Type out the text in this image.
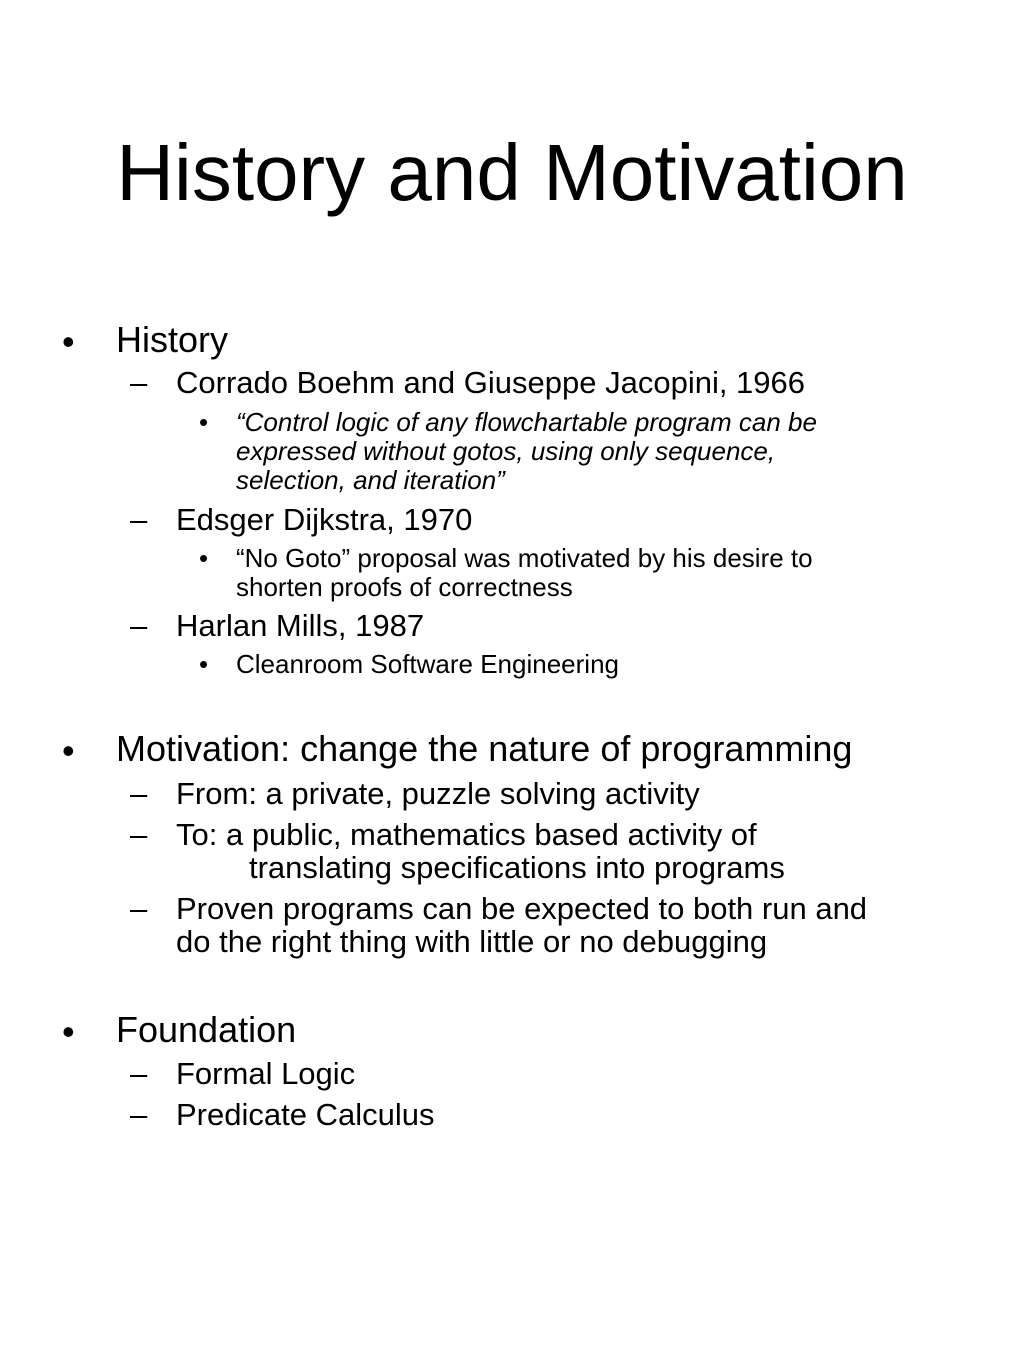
History and Motivation
• History
– Corrado Boehm and Giuseppe Jacopini, 1966
• “Control logic of any flowchartable program can be
expressed without gotos, using only sequence,
selection, and iteration”
– Edsger Dijkstra, 1970
• “No Goto” proposal was motivated by his desire to
shorten proofs of correctness
– Harlan Mills, 1987
• Cleanroom Software Engineering
• Motivation: change the nature of programming
– From: a private, puzzle solving activity
– To: a public, mathematics based activity of
translating specifications into programs
– Proven programs can be expected to both run and
do the right thing with little or no debugging
• Foundation
– Formal Logic
– Predicate Calculus
